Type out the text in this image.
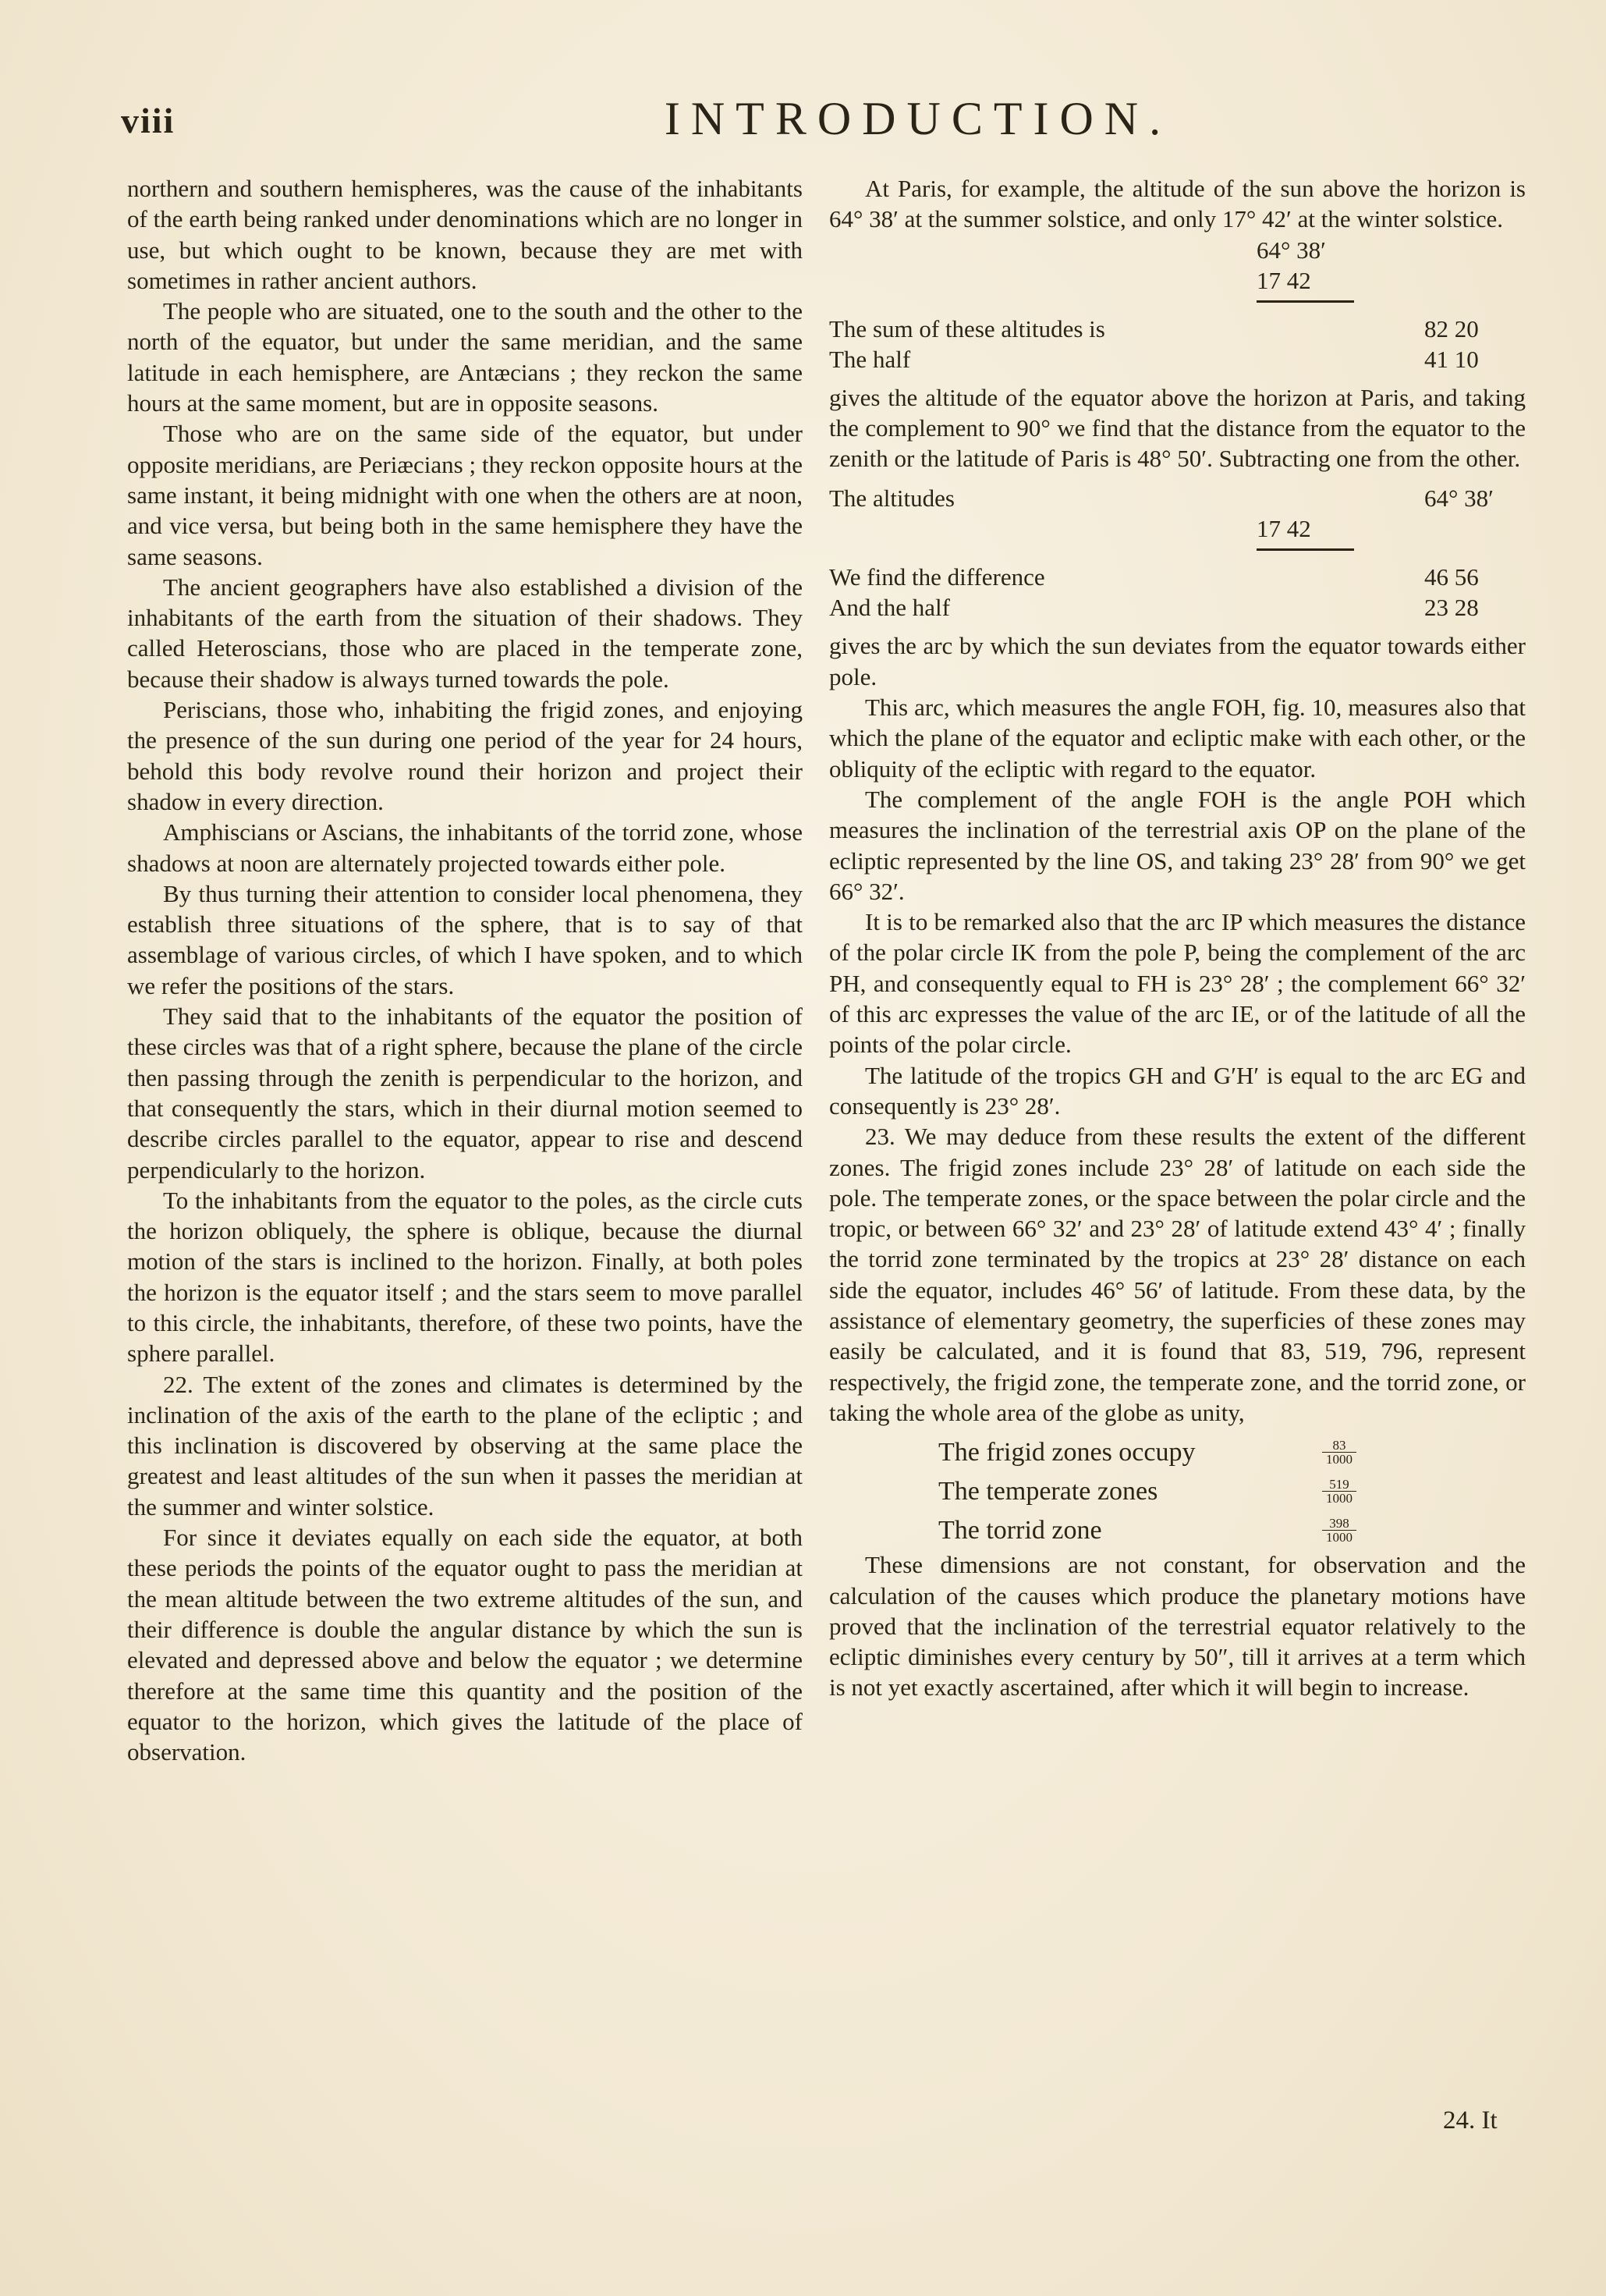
viii	INTRODUCTION.

northern and southern hemispheres, was the cause of the inhabitants of the earth being ranked under denominations which are no longer in use, but which ought to be known, because they are met with sometimes in rather ancient authors.

The people who are situated, one to the south and the other to the north of the equator, but under the same meridian, and the same latitude in each hemisphere, are Antæcians ; they reckon the same hours at the same moment, but are in opposite seasons.

Those who are on the same side of the equator, but under opposite meridians, are Periæcians ; they reckon opposite hours at the same instant, it being midnight with one when the others are at noon, and vice versa, but being both in the same hemisphere they have the same seasons.

The ancient geographers have also established a division of the inhabitants of the earth from the situation of their shadows. They called Heteroscians, those who are placed in the temperate zone, because their shadow is always turned towards the pole.

Periscians, those who, inhabiting the frigid zones, and enjoying the presence of the sun during one period of the year for 24 hours, behold this body revolve round their horizon and project their shadow in every direction.

Amphiscians or Ascians, the inhabitants of the torrid zone, whose shadows at noon are alternately projected towards either pole.

By thus turning their attention to consider local phenomena, they establish three situations of the sphere, that is to say of that assemblage of various circles, of which I have spoken, and to which we refer the positions of the stars.

They said that to the inhabitants of the equator the position of these circles was that of a right sphere, because the plane of the circle then passing through the zenith is perpendicular to the horizon, and that consequently the stars, which in their diurnal motion seemed to describe circles parallel to the equator, appear to rise and descend perpendicularly to the horizon.

To the inhabitants from the equator to the poles, as the circle cuts the horizon obliquely, the sphere is oblique, because the diurnal motion of the stars is inclined to the horizon. Finally, at both poles the horizon is the equator itself ; and the stars seem to move parallel to this circle, the inhabitants, therefore, of these two points, have the sphere parallel.

22. The extent of the zones and climates is determined by the inclination of the axis of the earth to the plane of the ecliptic ; and this inclination is discovered by observing at the same place the greatest and least altitudes of the sun when it passes the meridian at the summer and winter solstice.

For since it deviates equally on each side the equator, at both these periods the points of the equator ought to pass the meridian at the mean altitude between the two extreme altitudes of the sun, and their difference is double the angular distance by which the sun is elevated and depressed above and below the equator ; we determine therefore at the same time this quantity and the position of the equator to the horizon, which gives the latitude of the place of observation.

At Paris, for example, the altitude of the sun above the horizon is 64° 38′ at the summer solstice, and only 17° 42′ at the winter solstice.

64° 38′
17 42
The sum of these altitudes is	82 20
The half	41 10

gives the altitude of the equator above the horizon at Paris, and taking the complement to 90° we find that the distance from the equator to the zenith or the latitude of Paris is 48° 50′. Subtracting one from the other.

The altitudes	64° 38′
17 42
We find the difference	46 56
And the half	23 28

gives the arc by which the sun deviates from the equator towards either pole.

This arc, which measures the angle FOH, fig. 10, measures also that which the plane of the equator and ecliptic make with each other, or the obliquity of the ecliptic with regard to the equator.

The complement of the angle FOH is the angle POH which measures the inclination of the terrestrial axis OP on the plane of the ecliptic represented by the line OS, and taking 23° 28′ from 90° we get 66° 32′.

It is to be remarked also that the arc IP which measures the distance of the polar circle IK from the pole P, being the complement of the arc PH, and consequently equal to FH is 23° 28′ ; the complement 66° 32′ of this arc expresses the value of the arc IE, or of the latitude of all the points of the polar circle.

The latitude of the tropics GH and G′H′ is equal to the arc EG and consequently is 23° 28′.

23. We may deduce from these results the extent of the different zones. The frigid zones include 23° 28′ of latitude on each side the pole. The temperate zones, or the space between the polar circle and the tropic, or between 66° 32′ and 23° 28′ of latitude extend 43° 4′ ; finally the torrid zone terminated by the tropics at 23° 28′ distance on each side the equator, includes 46° 56′ of latitude. From these data, by the assistance of elementary geometry, the superficies of these zones may easily be calculated, and it is found that 83, 519, 796, represent respectively, the frigid zone, the temperate zone, and the torrid zone, or taking the whole area of the globe as unity,

The frigid zones occupy	$\frac{83}{1000}$
The temperate zones	$\frac{519}{1000}$
The torrid zone	$\frac{398}{1000}$

These dimensions are not constant, for observation and the calculation of the causes which produce the planetary motions have proved that the inclination of the terrestrial equator relatively to the ecliptic diminishes every century by 50″, till it arrives at a term which is not yet exactly ascertained, after which it will begin to increase.

24. It
